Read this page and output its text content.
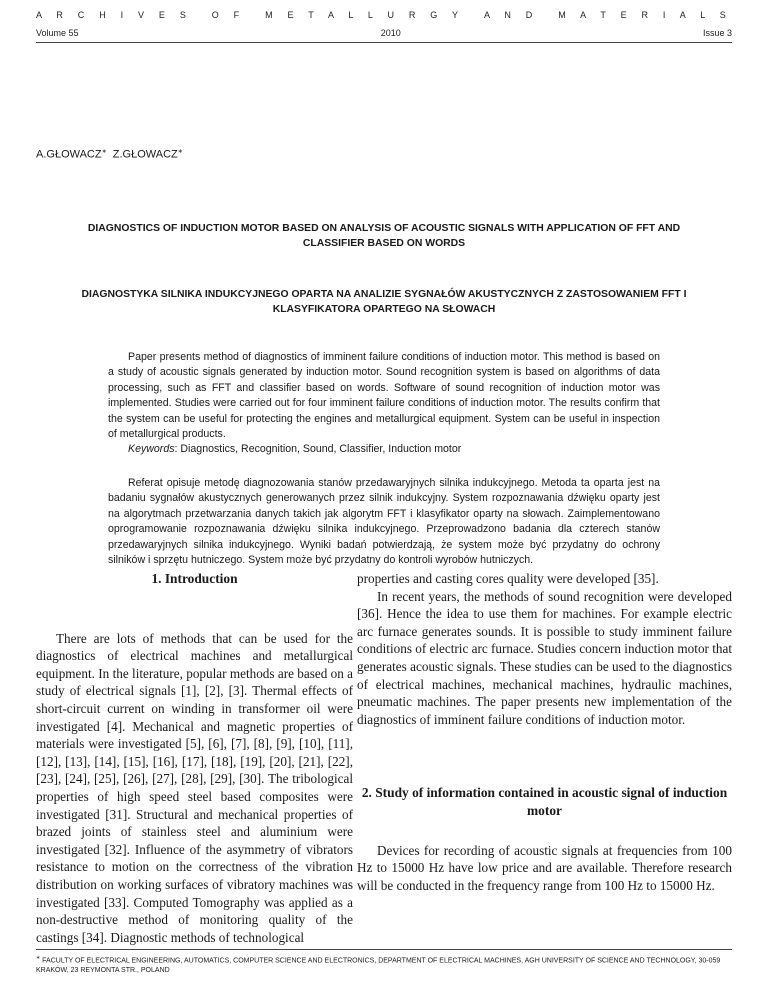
A R C H I V E S O F M E T A L L U R G Y A N D M A T E R I A L S
Volume 55	2010	Issue 3
A.GŁOWACZ∗ Z.GŁOWACZ∗
DIAGNOSTICS OF INDUCTION MOTOR BASED ON ANALYSIS OF ACOUSTIC SIGNALS WITH APPLICATION OF FFT AND CLASSIFIER BASED ON WORDS
DIAGNOSTYKA SILNIKA INDUKCYJNEGO OPARTA NA ANALIZIE SYGNAŁÓW AKUSTYCZNYCH Z ZASTOSOWANIEM FFT I KLASYFIKATORA OPARTEGO NA SŁOWACH
Paper presents method of diagnostics of imminent failure conditions of induction motor. This method is based on a study of acoustic signals generated by induction motor. Sound recognition system is based on algorithms of data processing, such as FFT and classifier based on words. Software of sound recognition of induction motor was implemented. Studies were carried out for four imminent failure conditions of induction motor. The results confirm that the system can be useful for protecting the engines and metallurgical equipment. System can be useful in inspection of metallurgical products.
Keywords: Diagnostics, Recognition, Sound, Classifier, Induction motor
Referat opisuje metodę diagnozowania stanów przedawaryjnych silnika indukcyjnego. Metoda ta oparta jest na badaniu sygnałów akustycznych generowanych przez silnik indukcyjny. System rozpoznawania dźwięku oparty jest na algorytmach przetwarzania danych takich jak algorytm FFT i klasyfikator oparty na słowach. Zaimplementowano oprogramowanie rozpoznawania dźwięku silnika indukcyjnego. Przeprowadzono badania dla czterech stanów przedawaryjnych silnika indukcyjnego. Wyniki badań potwierdzają, że system może być przydatny do ochrony silników i sprzętu hutniczego. System może być przydatny do kontroli wyrobów hutniczych.
1. Introduction

There are lots of methods that can be used for the diagnostics of electrical machines and metallurgical equipment. In the literature, popular methods are based on a study of electrical signals [1], [2], [3]. Thermal effects of short-circuit current on winding in transformer oil were investigated [4]. Mechanical and magnetic properties of materials were investigated [5], [6], [7], [8], [9], [10], [11], [12], [13], [14], [15], [16], [17], [18], [19], [20], [21], [22], [23], [24], [25], [26], [27], [28], [29], [30]. The tribological properties of high speed steel based composites were investigated [31]. Structural and mechanical properties of brazed joints of stainless steel and aluminium were investigated [32]. Influence of the asymmetry of vibrators resistance to motion on the correctness of the vibration distribution on working surfaces of vibratory machines was investigated [33]. Computed Tomography was applied as a non-destructive method of monitoring quality of the castings [34]. Diagnostic methods of technological

properties and casting cores quality were developed [35].

In recent years, the methods of sound recognition were developed [36]. Hence the idea to use them for machines. For example electric arc furnace generates sounds. It is possible to study imminent failure conditions of electric arc furnace. Studies concern induction motor that generates acoustic signals. These studies can be used to the diagnostics of electrical machines, mechanical machines, hydraulic machines, pneumatic machines. The paper presents new implementation of the diagnostics of imminent failure conditions of induction motor.

2. Study of information contained in acoustic signal of induction motor

Devices for recording of acoustic signals at frequencies from 100 Hz to 15000 Hz have low price and are available. Therefore research will be conducted in the frequency range from 100 Hz to 15000 Hz.

∗ FACULTY OF ELECTRICAL ENGINEERING, AUTOMATICS, COMPUTER SCIENCE AND ELECTRONICS, DEPARTMENT OF ELECTRICAL MACHINES, AGH UNIVERSITY OF SCIENCE AND TECHNOLOGY, 30-059 KRAKÓW, 23 REYMONTA STR., POLAND
